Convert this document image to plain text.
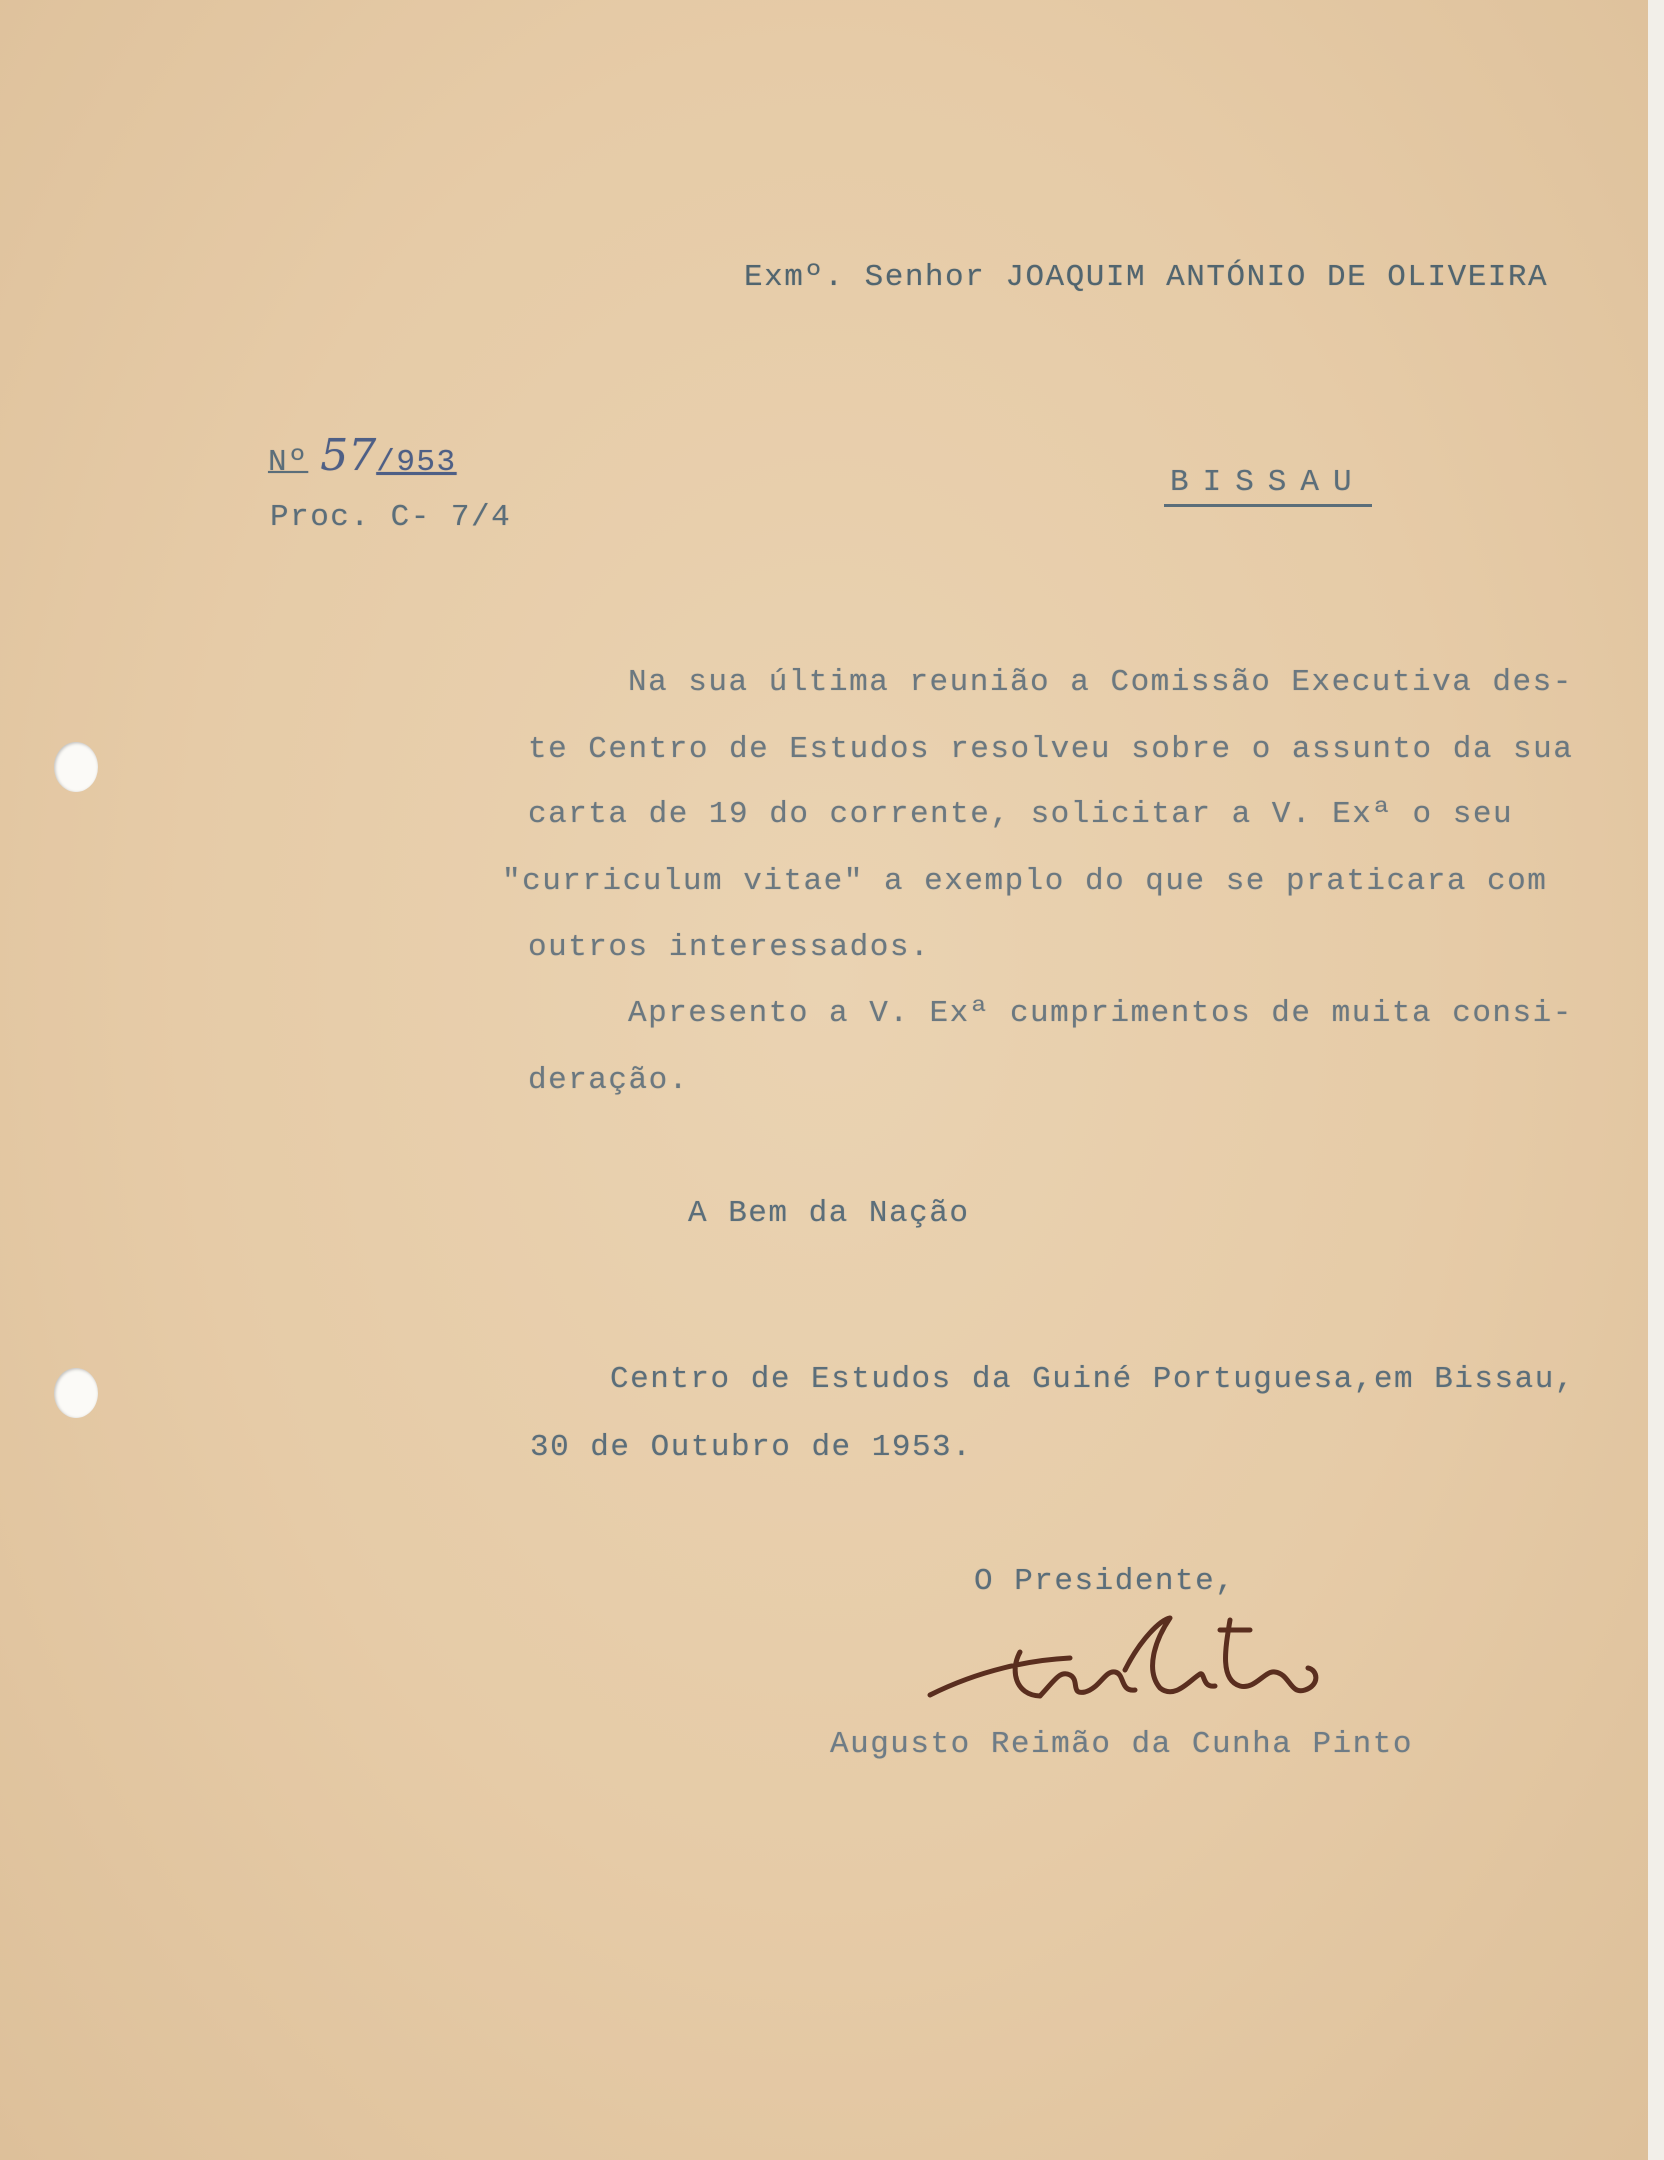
Exmº. Senhor JOAQUIM ANTÓNIO DE OLIVEIRA
Nº 57/953
Proc. C- 7/4
BISSAU
Na sua última reunião a Comissão Executiva des-
te Centro de Estudos resolveu sobre o assunto da sua
carta de 19 do corrente, solicitar a V. Exª o seu
"curriculum vitae" a exemplo do que se praticara com
outros interessados.
Apresento a V. Exª cumprimentos de muita consi-
deração.
A Bem da Nação
Centro de Estudos da Guiné Portuguesa,em Bissau,
30 de Outubro de 1953.
O Presidente,
Augusto Reimão da Cunha Pinto
